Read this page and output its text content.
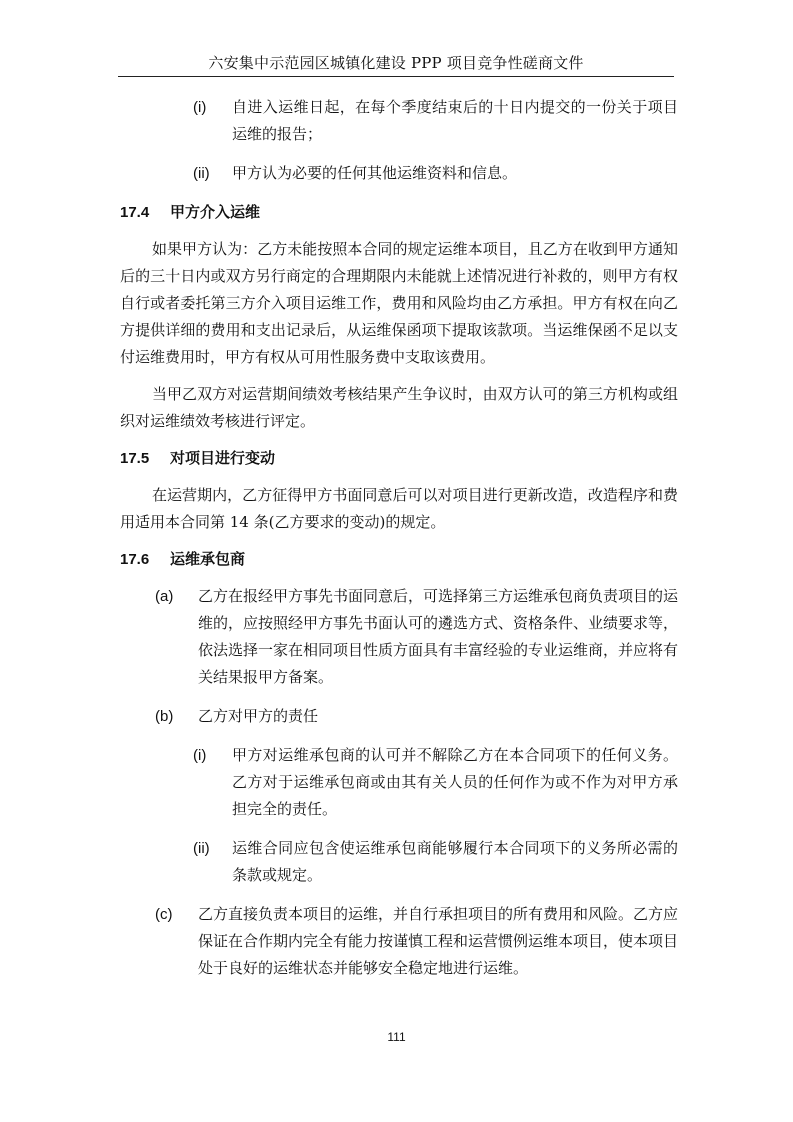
六安集中示范园区城镇化建设 PPP 项目竞争性磋商文件
(i) 自进入运维日起，在每个季度结束后的十日内提交的一份关于项目运维的报告；
(ii) 甲方认为必要的任何其他运维资料和信息。
17.4 甲方介入运维
如果甲方认为：乙方未能按照本合同的规定运维本项目，且乙方在收到甲方通知后的三十日内或双方另行商定的合理期限内未能就上述情况进行补救的，则甲方有权自行或者委托第三方介入项目运维工作，费用和风险均由乙方承担。甲方有权在向乙方提供详细的费用和支出记录后，从运维保函项下提取该款项。当运维保函不足以支付运维费用时，甲方有权从可用性服务费中支取该费用。
当甲乙双方对运营期间绩效考核结果产生争议时，由双方认可的第三方机构或组织对运维绩效考核进行评定。
17.5 对项目进行变动
在运营期内，乙方征得甲方书面同意后可以对项目进行更新改造，改造程序和费用适用本合同第 14 条(乙方要求的变动)的规定。
17.6 运维承包商
(a) 乙方在报经甲方事先书面同意后，可选择第三方运维承包商负责项目的运维的，应按照经甲方事先书面认可的遴选方式、资格条件、业绩要求等，依法选择一家在相同项目性质方面具有丰富经验的专业运维商，并应将有关结果报甲方备案。
(b) 乙方对甲方的责任
(i) 甲方对运维承包商的认可并不解除乙方在本合同项下的任何义务。乙方对于运维承包商或由其有关人员的任何作为或不作为对甲方承担完全的责任。
(ii) 运维合同应包含使运维承包商能够履行本合同项下的义务所必需的条款或规定。
(c) 乙方直接负责本项目的运维，并自行承担项目的所有费用和风险。乙方应保证在合作期内完全有能力按谨慎工程和运营惯例运维本项目，使本项目处于良好的运维状态并能够安全稳定地进行运维。
111
